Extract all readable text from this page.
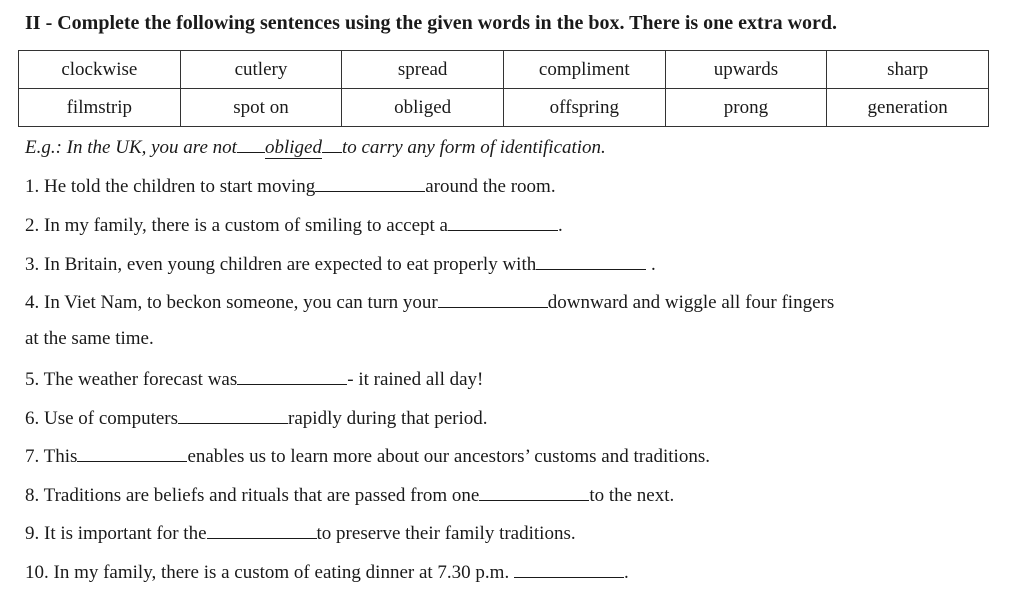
II - Complete the following sentences using the given words in the box. There is one extra word.
clockwise	cutlery	spread	compliment	upwards	sharp
filmstrip	spot on	obliged	offspring	prong	generation
E.g.: In the UK, you are not obliged to carry any form of identification.
1. He told the children to start moving	around the room.
2. In my family, there is a custom of smiling to accept a	.
3. In Britain, even young children are expected to eat properly with	.
4. In Viet Nam, to beckon someone, you can turn your	downward and wiggle all four fingers
at the same time.
5. The weather forecast was	- it rained all day!
6. Use of computers	rapidly during that period.
7. This	enables us to learn more about our ancestors’ customs and traditions.
8. Traditions are beliefs and rituals that are passed from one	to the next.
9. It is important for the	to preserve their family traditions.
10. In my family, there is a custom of eating dinner at 7.30 p.m.	.
